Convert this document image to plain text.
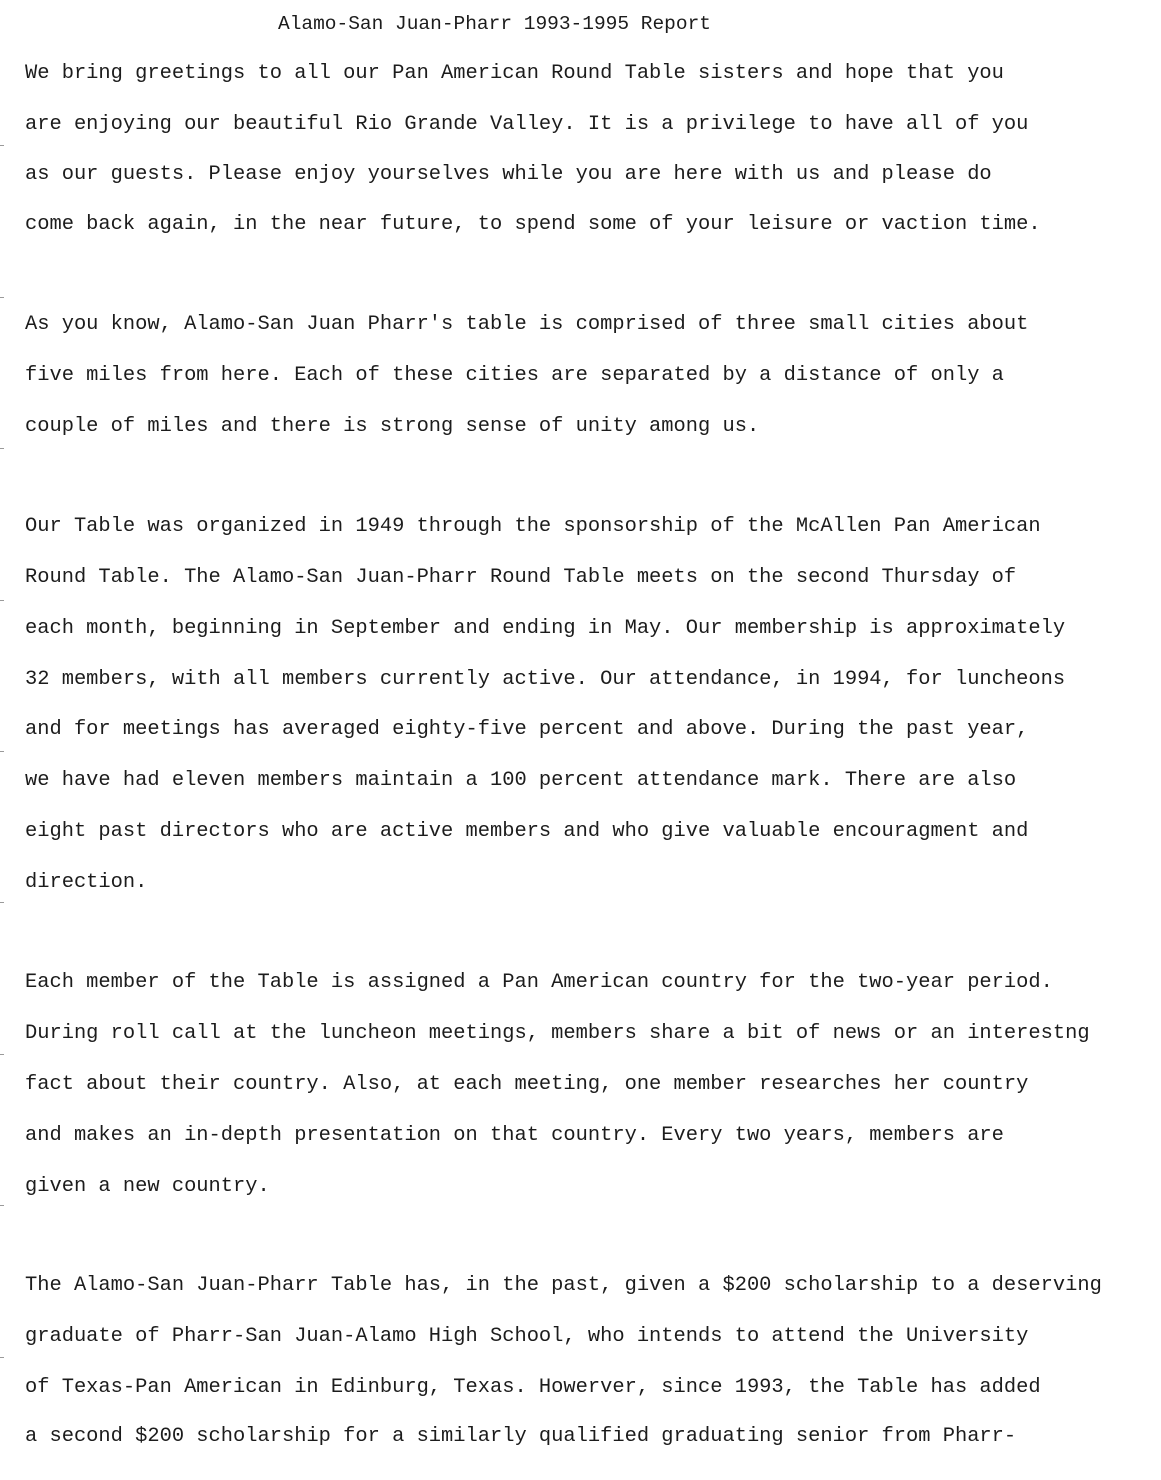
Alamo-San Juan-Pharr 1993-1995 Report
We bring greetings to all our Pan American Round Table sisters and hope that you
are enjoying our beautiful Rio Grande Valley. It is a privilege to have all of you
as our guests. Please enjoy yourselves while you are here with us and please do
come back again, in the near future, to spend some of your leisure or vaction time.
As you know, Alamo-San Juan Pharr's table is comprised of three small cities about
five miles from here. Each of these cities are separated by a distance of only a
couple of miles and there is strong sense of unity among us.
Our Table was organized in 1949 through the sponsorship of the McAllen Pan American
Round Table. The Alamo-San Juan-Pharr Round Table meets on the second Thursday of
each month, beginning in September and ending in May. Our membership is approximately
32 members, with all members currently active. Our attendance, in 1994, for luncheons
and for meetings has averaged eighty-five percent and above. During the past year,
we have had eleven members maintain a 100 percent attendance mark. There are also
eight past directors who are active members and who give valuable encouragment and
direction.
Each member of the Table is assigned a Pan American country for the two-year period.
During roll call at the luncheon meetings, members share a bit of news or an interestng
fact about their country. Also, at each meeting, one member researches her country
and makes an in-depth presentation on that country. Every two years, members are
given a new country.
The Alamo-San Juan-Pharr Table has, in the past, given a $200 scholarship to a deserving
graduate of Pharr-San Juan-Alamo High School, who intends to attend the University
of Texas-Pan American in Edinburg, Texas. Howerver, since 1993, the Table has added
a second $200 scholarship for a similarly qualified graduating senior from Pharr-
